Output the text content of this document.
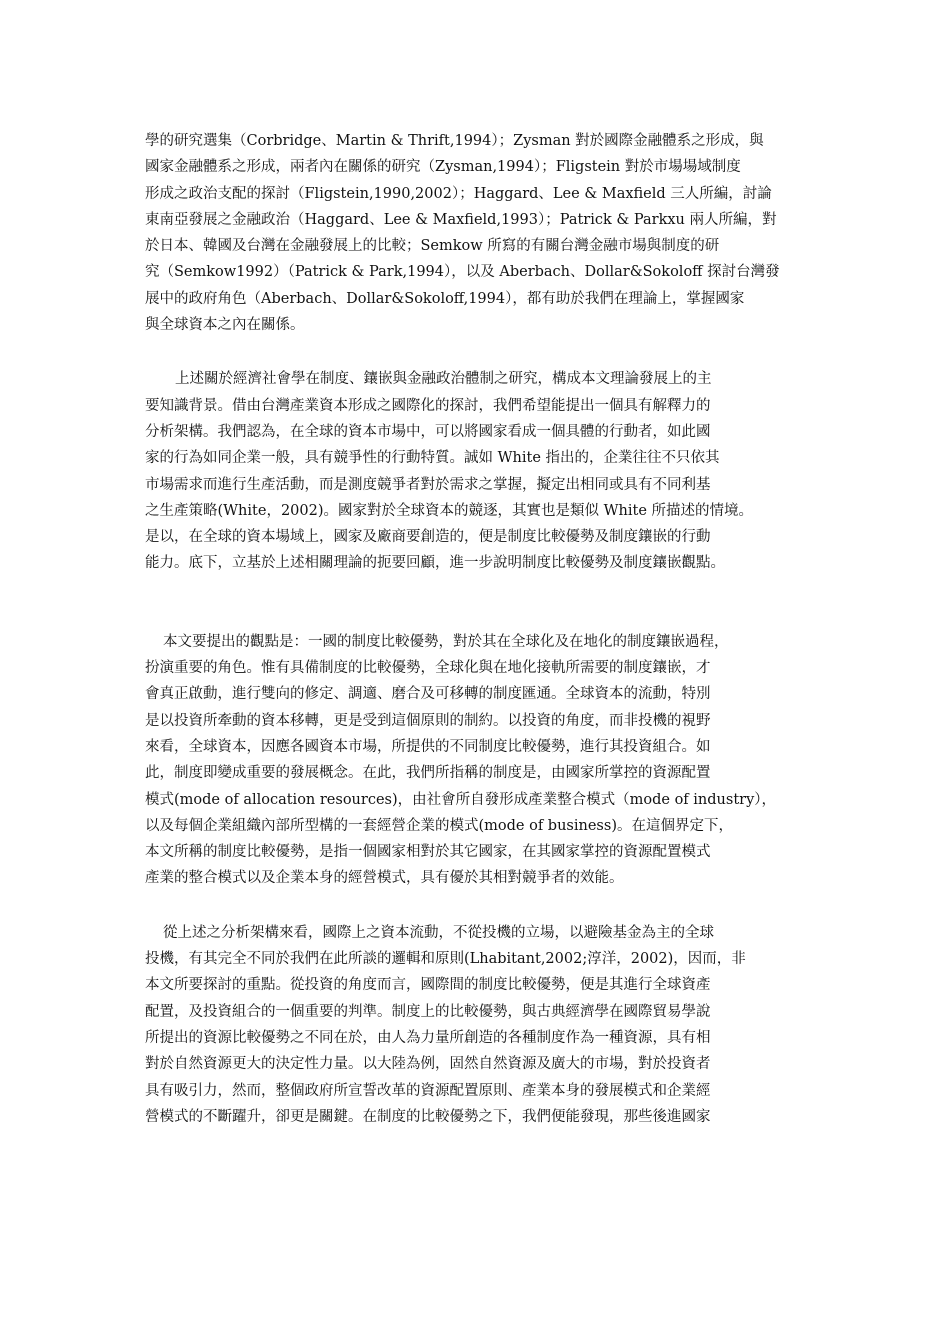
學的研究選集（Corbridge、Martin & Thrift,1994）；Zysman 對於國際金融體系之形成，與
國家金融體系之形成，兩者內在關係的研究（Zysman,1994）；Fligstein 對於市場場域制度
形成之政治支配的探討（Fligstein,1990,2002）；Haggard、Lee & Maxfield 三人所編，討論
東南亞發展之金融政治（Haggard、Lee & Maxfield,1993）；Patrick & Parkxu 兩人所編，對
於日本、韓國及台灣在金融發展上的比較；Semkow 所寫的有關台灣金融市場與制度的研
究（Semkow1992）（Patrick & Park,1994），以及 Aberbach、Dollar&Sokoloff 探討台灣發
展中的政府角色（Aberbach、Dollar&Sokoloff,1994），都有助於我們在理論上，掌握國家
與全球資本之內在關係。
上述關於經濟社會學在制度、鑲嵌與金融政治體制之研究，構成本文理論發展上的主
要知識背景。借由台灣產業資本形成之國際化的探討，我們希望能提出一個具有解釋力的
分析架構。我們認為，在全球的資本市場中，可以將國家看成一個具體的行動者，如此國
家的行為如同企業一般，具有競爭性的行動特質。誠如 White 指出的，企業往往不只依其
市場需求而進行生產活動，而是測度競爭者對於需求之掌握，擬定出相同或具有不同利基
之生產策略(White，2002)。國家對於全球資本的競逐，其實也是類似 White 所描述的情境。
是以，在全球的資本場域上，國家及廠商要創造的，便是制度比較優勢及制度鑲嵌的行動
能力。底下，立基於上述相關理論的扼要回顧，進一步說明制度比較優勢及制度鑲嵌觀點。
本文要提出的觀點是：一國的制度比較優勢，對於其在全球化及在地化的制度鑲嵌過程，
扮演重要的角色。惟有具備制度的比較優勢，全球化與在地化接軌所需要的制度鑲嵌，才
會真正啟動，進行雙向的修定、調適、磨合及可移轉的制度匯通。全球資本的流動，特別
是以投資所牽動的資本移轉，更是受到這個原則的制約。以投資的角度，而非投機的視野
來看，全球資本，因應各國資本市場，所提供的不同制度比較優勢，進行其投資組合。如
此，制度即變成重要的發展概念。在此，我們所指稱的制度是，由國家所掌控的資源配置
模式(mode of allocation resources)，由社會所自發形成產業整合模式（mode of industry），
以及每個企業組織內部所型構的一套經營企業的模式(mode of business)。在這個界定下，
本文所稱的制度比較優勢，是指一個國家相對於其它國家，在其國家掌控的資源配置模式
產業的整合模式以及企業本身的經營模式，具有優於其相對競爭者的效能。
從上述之分析架構來看，國際上之資本流動，不從投機的立場，以避險基金為主的全球
投機，有其完全不同於我們在此所談的邏輯和原則(Lhabitant,2002;淳洋，2002)，因而，非
本文所要探討的重點。從投資的角度而言，國際間的制度比較優勢，便是其進行全球資產
配置，及投資組合的一個重要的判準。制度上的比較優勢，與古典經濟學在國際貿易學說
所提出的資源比較優勢之不同在於，由人為力量所創造的各種制度作為一種資源，具有相
對於自然資源更大的決定性力量。以大陸為例，固然自然資源及廣大的市場，對於投資者
具有吸引力，然而，整個政府所宣誓改革的資源配置原則、產業本身的發展模式和企業經
營模式的不斷躍升，卻更是關鍵。在制度的比較優勢之下，我們便能發現，那些後進國家
